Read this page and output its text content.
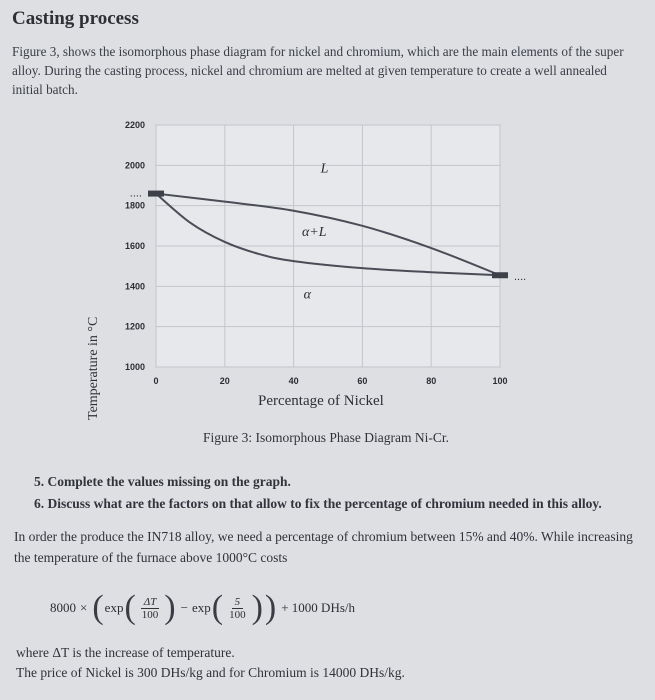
Casting process
Figure 3, shows the isomorphous phase diagram for nickel and chromium, which are the main elements of the super alloy. During the casting process, nickel and chromium are melted at given temperature to create a well annealed initial batch.
0	20	40	60	80	100
1000
1200
1400
1600
1800
2000
2200
....
....
L
α+L
α
Temperature in °C	Percentage of Nickel
Figure 3: Isomorphous Phase Diagram Ni-Cr.
5. Complete the values missing on the graph.
6. Discuss what are the factors on that allow to fix the percentage of chromium needed in this alloy.
In order the produce the IN718 alloy, we need a percentage of chromium between 15% and 40%. While increasing the temperature of the furnace above 1000°C costs
8000 × ( exp ( $\frac{\Delta T}{100}$ ) − exp ( $\frac{5}{100}$ ) ) + 1000 DHs/h
where ΔT is the increase of temperature.
The price of Nickel is 300 DHs/kg and for Chromium is 14000 DHs/kg.
